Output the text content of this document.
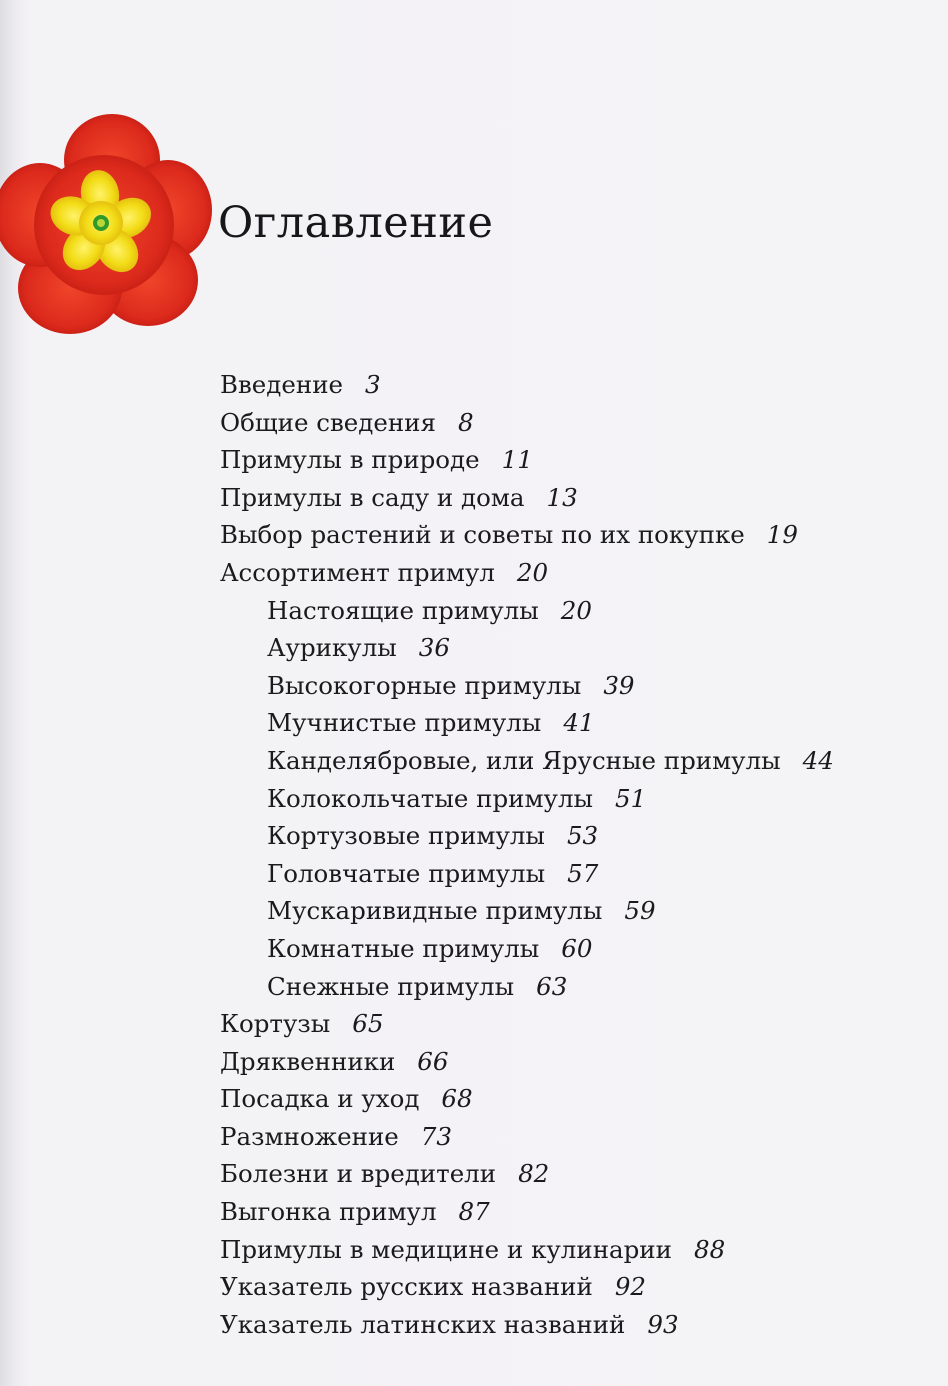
Оглавление
Введение 3
Общие сведения 8
Примулы в природе 11
Примулы в саду и дома 13
Выбор растений и советы по их покупке 19
Ассортимент примул 20
Настоящие примулы 20
Аурикулы 36
Высокогорные примулы 39
Мучнистые примулы 41
Канделябровые, или Ярусные примулы 44
Колокольчатые примулы 51
Кортузовые примулы 53
Головчатые примулы 57
Мускаривидные примулы 59
Комнатные примулы 60
Снежные примулы 63
Кортузы 65
Дряквенники 66
Посадка и уход 68
Размножение 73
Болезни и вредители 82
Выгонка примул 87
Примулы в медицине и кулинарии 88
Указатель русских названий 92
Указатель латинских названий 93
